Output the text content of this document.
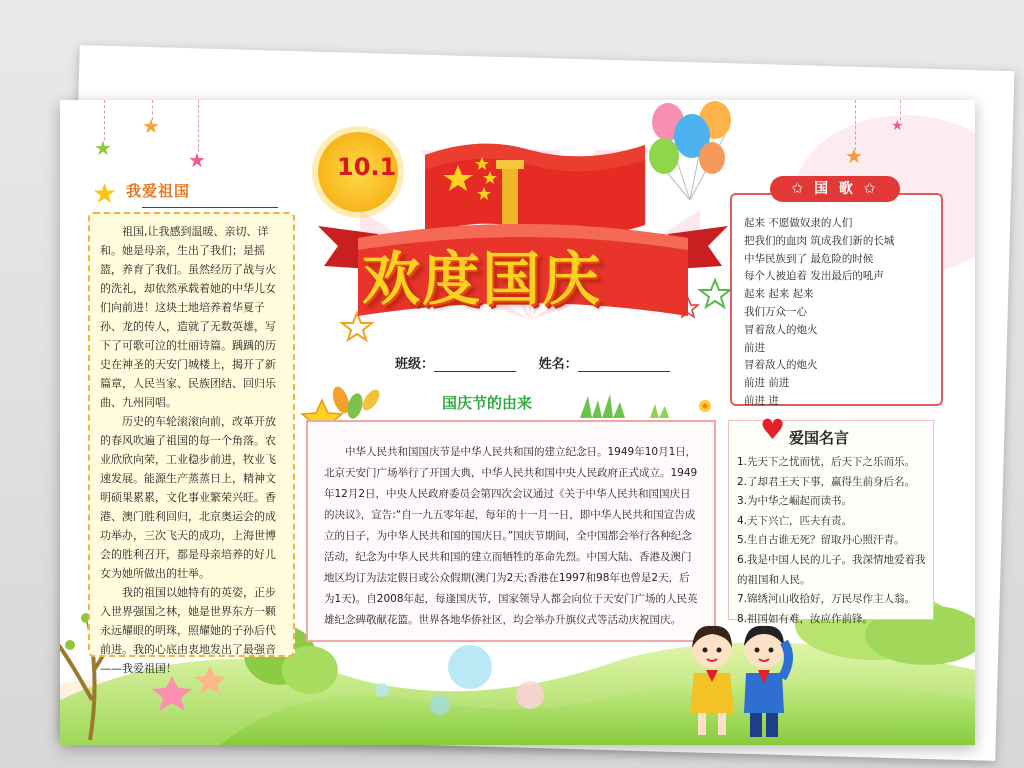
★
★
★	★
★
10.1
欢度国庆
班级：	姓名：
★ 我爱祖国

祖国,让我感到温暖、亲切、详和。她是母亲，生出了我们；是摇篮，养育了我们。虽然经历了战与火的洗礼，却依然承载着她的中华儿女们向前进！这块土地培养着华夏子孙、龙的传人，造就了无数英雄，写下了可歌可泣的壮丽诗篇。踽踽的历史在神圣的天安门城楼上，揭开了新篇章，人民当家、民族团结、回归乐曲、九州同唱。

历史的车轮滚滚向前，改革开放的春风吹遍了祖国的每一个角落。农业欣欣向荣，工业稳步前进，牧业飞速发展。能源生产蒸蒸日上，精神文明硕果累累，文化事业繁荣兴旺。香港、澳门胜利回归，北京奥运会的成功举办，三次飞天的成功，上海世博会的胜利召开，都是母亲培养的好儿女为她所做出的壮举。

我的祖国以她特有的英姿，正步入世界强国之林，她是世界东方一颗永远耀眼的明珠，照耀她的子孙后代前进。我的心底由衷地发出了最强音——我爱祖国！

中华人民共和国国庆节是中华人民共和国的建立纪念日。1949年10月1日，北京天安门广场举行了开国大典，中华人民共和国中央人民政府正式成立。1949年12月2日，中央人民政府委员会第四次会议通过《关于中华人民共和国国庆日的决议》，宣告:“自一九五零年起，每年的十一月一日，即中华人民共和国宣告成立的日子，为中华人民共和国的国庆日。”国庆节期间，全中国都会举行各种纪念活动，纪念为中华人民共和国的建立而牺牲的革命先烈。中国大陆、香港及澳门地区均订为法定假日或公众假期(澳门为2天;香港在1997和98年也曾是2天，后为1天)。自2008年起，每逢国庆节，国家领导人都会向位于天安门广场的人民英雄纪念碑敬献花篮。世界各地华侨社区，均会举办升旗仪式等活动庆祝国庆。

国庆节的由来
起来 不愿做奴隶的人们
把我们的血肉 筑成我们新的长城
中华民族到了 最危险的时候
每个人被迫着 发出最后的吼声
起来 起来 起来
我们万众一心
冒着敌人的炮火
前进
冒着敌人的炮火
前进 前进
前进 进
✩ 国 歌 ✩
1.先天下之忧而忧，后天下之乐而乐。
2.了却君王天下事，赢得生前身后名。
3.为中华之崛起而读书。
4.天下兴亡，匹夫有责。
5.生自古谁无死？留取丹心照汗青。
6.我是中国人民的儿子。我深情地爱着我的祖国和人民。
7.锦绣河山收拾好，万民尽作主人翁。
8.祖国如有难，汝应作前锋。
♥ 爱国名言
